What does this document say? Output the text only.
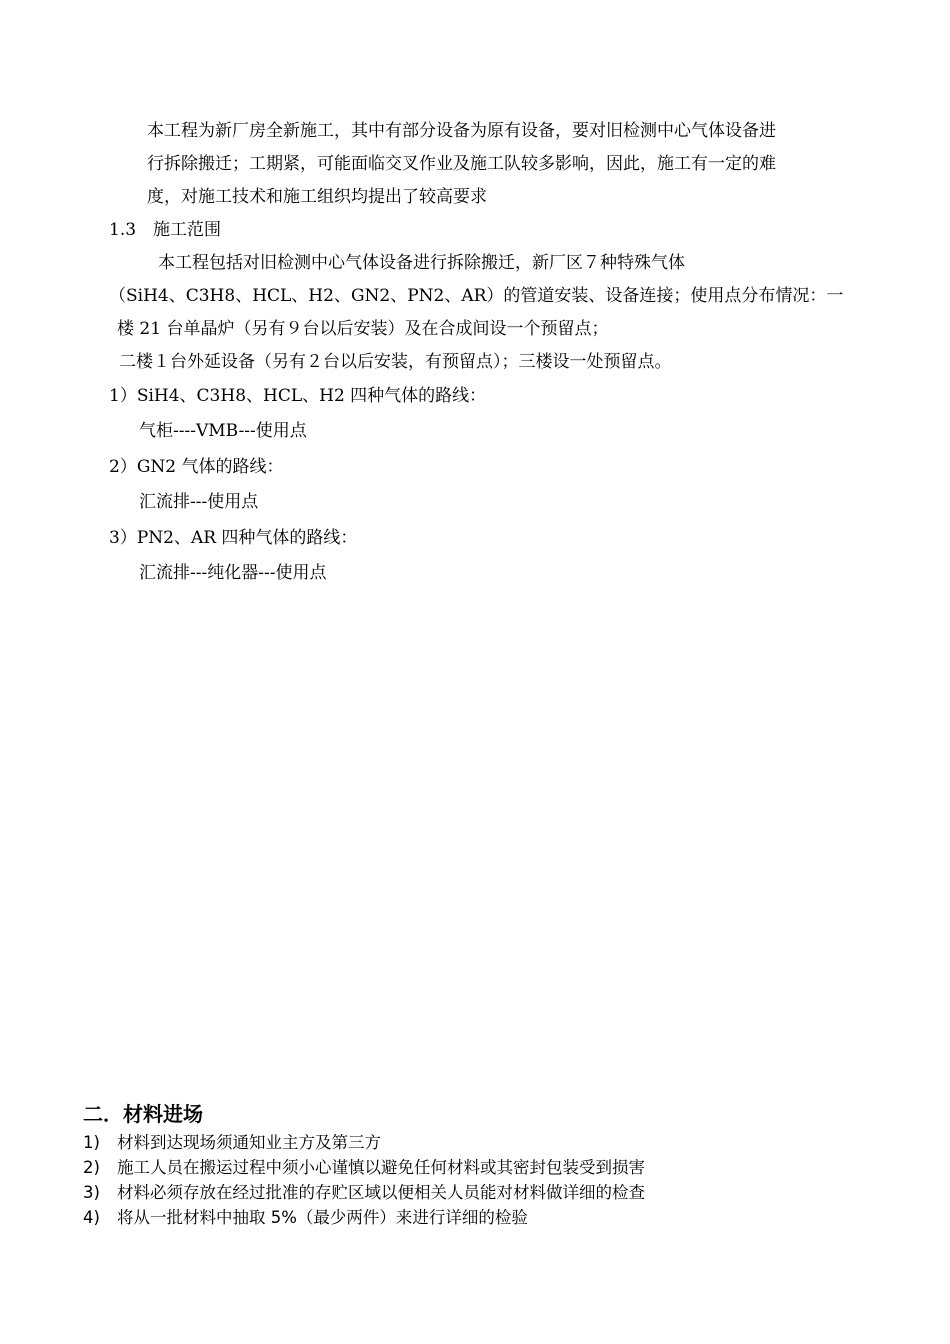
本工程为新厂房全新施工，其中有部分设备为原有设备，要对旧检测中心气体设备进
行拆除搬迁；工期紧，可能面临交叉作业及施工队较多影响，因此，施工有一定的难
度，对施工技术和施工组织均提出了较高要求
1.3　施工范围
本工程包括对旧检测中心气体设备进行拆除搬迁，新厂区７种特殊气体
（SiH4、C3H8、HCL、H2、GN2、PN2、AR）的管道安装、设备连接；使用点分布情况：一
楼 21 台单晶炉（另有９台以后安装）及在合成间设一个预留点；
二楼１台外延设备（另有２台以后安装，有预留点）；三楼设一处预留点。
1）SiH4、C3H8、HCL、H2 四种气体的路线：
气柜----VMB---使用点
2）GN2 气体的路线：
汇流排---使用点
3）PN2、AR 四种气体的路线：
汇流排---纯化器---使用点
二．材料进场
1) 材料到达现场须通知业主方及第三方
2) 施工人员在搬运过程中须小心谨慎以避免任何材料或其密封包装受到损害
3) 材料必须存放在经过批准的存贮区域以便相关人员能对材料做详细的检查
4) 将从一批材料中抽取 5%（最少两件）来进行详细的检验
